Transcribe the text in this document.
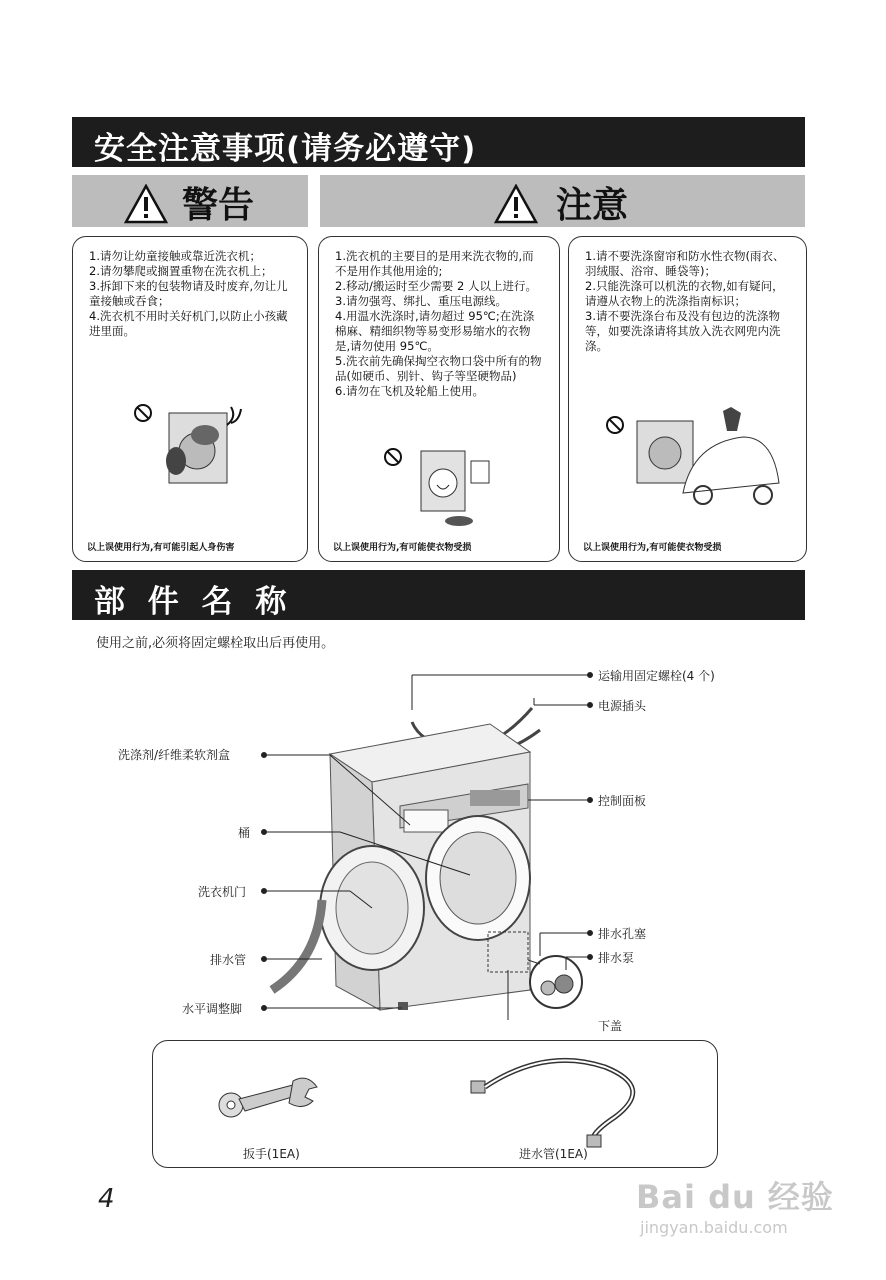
安全注意事项(请务必遵守)
警告	注意
1.请勿让幼童接触或靠近洗衣机；
2.请勿攀爬或搁置重物在洗衣机上；
3.拆卸下来的包装物请及时废弃,勿让儿童接触或吞食；
4.洗衣机不用时关好机门,以防止小孩藏进里面。
以上误使用行为,有可能引起人身伤害
1.洗衣机的主要目的是用来洗衣物的,而不是用作其他用途的;
2.移动/搬运时至少需要 2 人以上进行。
3.请勿强弯、绑扎、重压电源线。
4.用温水洗涤时,请勿超过 95℃;在洗涤棉麻、精细织物等易变形易缩水的衣物是,请勿使用 95℃。
5.洗衣前先确保掏空衣物口袋中所有的物品(如硬币、别针、钩子等坚硬物品)
6.请勿在飞机及轮船上使用。
以上误使用行为,有可能使衣物受损
1.请不要洗涤窗帘和防水性衣物(雨衣、羽绒服、浴帘、睡袋等)；
2.只能洗涤可以机洗的衣物,如有疑问，请遵从衣物上的洗涤指南标识；
3.请不要洗涤台布及没有包边的洗涤物等，如要洗涤请将其放入洗衣网兜内洗涤。
以上误使用行为,有可能使衣物受损
部 件 名 称
使用之前,必须将固定螺栓取出后再使用。
运输用固定螺栓(4 个)
电源插头
洗涤剂/纤维柔软剂盒
控制面板
桶
洗衣机门
排水孔塞
排水泵
排水管
水平调整脚
下盖
扳手(1EA)	进水管(1EA)
4	Bai du 经验
jingyan.baidu.com
